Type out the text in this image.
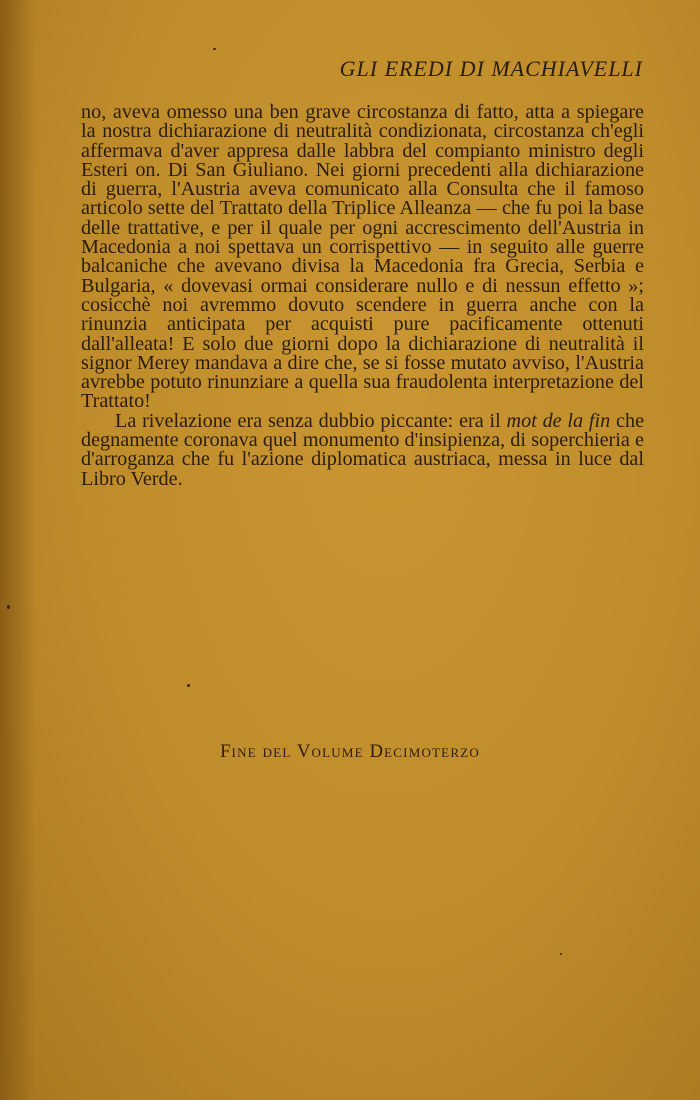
GLI EREDI DI MACHIAVELLI

no, aveva omesso una ben grave circostanza di fatto, atta a spiegare la nostra dichiarazione di neutralità condizionata, circostanza ch'egli affermava d'aver appresa dalle labbra del compianto ministro degli Esteri on. Di San Giuliano. Nei giorni precedenti alla dichiarazione di guerra, l'Austria aveva comunicato alla Consulta che il famoso articolo sette del Trattato della Triplice Alleanza — che fu poi la base delle trattative, e per il quale per ogni accrescimento dell'Austria in Macedonia a noi spettava un corrispettivo — in seguito alle guerre balcaniche che avevano divisa la Macedonia fra Grecia, Serbia e Bulgaria, « dovevasi ormai considerare nullo e di nessun effetto »; cosicchè noi avremmo dovuto scendere in guerra anche con la rinunzia anticipata per acquisti pure pacificamente ottenuti dall'alleata! E solo due giorni dopo la dichiarazione di neutralità il signor Merey mandava a dire che, se si fosse mutato avviso, l'Austria avrebbe potuto rinunziare a quella sua fraudolenta interpretazione del Trattato!

La rivelazione era senza dubbio piccante: era il mot de la fin che degnamente coronava quel monumento d'insipienza, di soperchieria e d'arroganza che fu l'azione diplomatica austriaca, messa in luce dal Libro Verde.

Fine del Volume Decimoterzo
